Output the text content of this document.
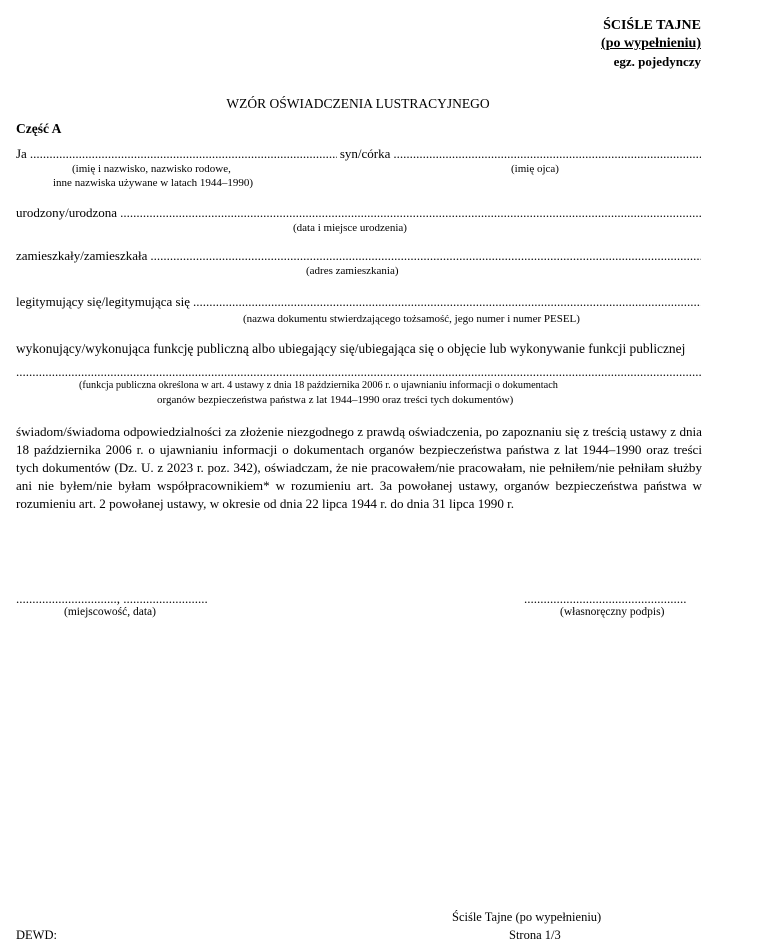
ŚCIŚLE TAJNE
(po wypełnieniu)
egz. pojedynczy
WZÓR OŚWIADCZENIA LUSTRACYJNEGO
Część A
Ja
.....	syn/córka
.....
(imię i nazwisko, nazwisko rodowe,	(imię ojca)
inne nazwiska używane w latach 1944–1990)
urodzony/urodzona
.....
(data i miejsce urodzenia)
zamieszkały/zamieszkała
.....
(adres zamieszkania)
legitymujący się/legitymująca się
.....
(nazwa dokumentu stwierdzającego tożsamość, jego numer i numer PESEL)
wykonujący/wykonująca funkcję publiczną albo ubiegający się/ubiegająca się o objęcie lub wykonywanie funkcji publicznej
.....
(funkcja publiczna określona w art. 4 ustawy z dnia 18 października 2006 r. o ujawnianiu informacji o dokumentach
organów bezpieczeństwa państwa z lat 1944–1990 oraz treści tych dokumentów)
świadom/świadoma odpowiedzialności za złożenie niezgodnego z prawdą oświadczenia, po zapoznaniu się z treścią ustawy z dnia 18 października 2006 r. o ujawnianiu informacji o dokumentach organów bezpieczeństwa państwa z lat 1944–1990 oraz treści tych dokumentów (Dz. U. z 2023 r. poz. 342), oświadczam, że nie pracowałem/nie pracowałam, nie pełniłem/nie pełniłam służby ani nie byłem/nie byłam współpracownikiem* w rozumieniu art. 3a powołanej ustawy, organów bezpieczeństwa państwa w rozumieniu art. 2 powołanej ustawy, w okresie od dnia 22 lipca 1944 r. do dnia 31 lipca 1990 r.
..............................., ..........................
(miejscowość, data)
..................................................
(własnoręczny podpis)
Ściśle Tajne (po wypełnieniu)
Strona 1/3
DEWD:
